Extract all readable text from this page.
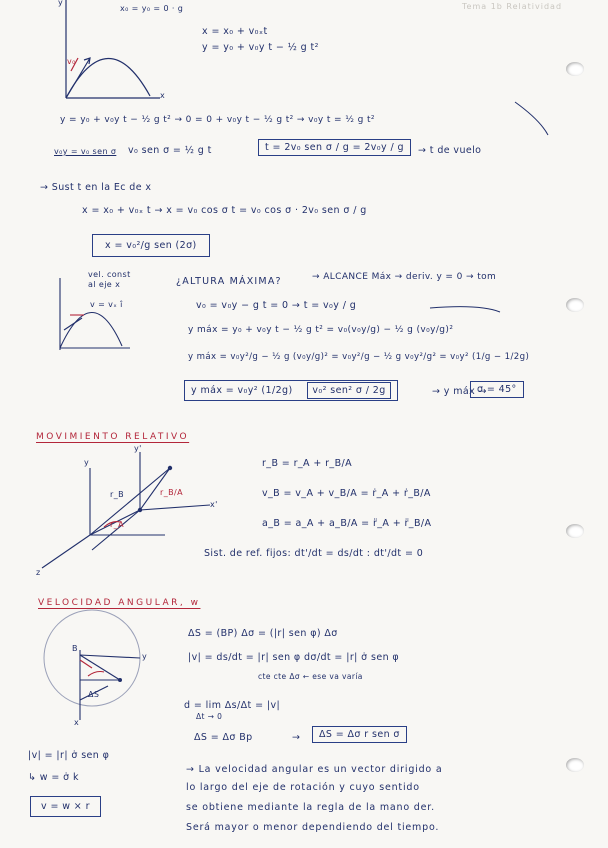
Tema 1b Relatividad
x₀ = y₀ = 0 · g
x = x₀ + v₀ₓt
y = y₀ + v₀y t − ½ g t²
y
x
v₀
y = y₀ + v₀y t − ½ g t² → 0 = 0 + v₀y t − ½ g t² → v₀y t = ½ g t²
v₀y = v₀ sen σ v₀ sen σ = ½ g t	t = 2v₀ sen σ / g = 2v₀y / g	→ t de vuelo
→ Sust t en la Ec de x
x = x₀ + v₀ₓ t → x = v₀ cos σ t = v₀ cos σ · 2v₀ sen σ / g
x = v₀²/g sen (2σ)
vel. const
al eje x
v = vₓ î
¿ALTURA MÁXIMA?	→ ALCANCE Máx → deriv. y = 0 → tom
v₀ = v₀y − g t = 0 → t = v₀y / g
y máx = y₀ + v₀y t − ½ g t² = v₀(v₀y/g) − ½ g (v₀y/g)²
y máx = v₀y²/g − ½ g (v₀y/g)² = v₀y²/g − ½ g v₀y²/g² = v₀y² (1/g − 1/2g)
y máx = v₀y² (1/2g) v₀² sen² σ / 2g	→ y máx →
σ = 45°
MOVIMIENTO RELATIVO
y
y'
x'
z
r_B	r_B/A
r_A
r_B = r_A + r_B/A
v_B = v_A + v_B/A = ṙ_A + ṙ_B/A
a_B = a_A + a_B/A = r̈_A + r̈_B/A
Sist. de ref. fijos: dt'/dt = ds/dt : dt'/dt = 0
VELOCIDAD ANGULAR, w
B
y
x
ΔS
ΔS = (BP) Δσ = (|r| sen φ) Δσ
|v| = ds/dt = |r| sen φ dσ/dt = |r| σ̇ sen φ
cte cte Δσ ← ese va varía
d = lim Δs/Δt = |v|
Δt → 0
ΔS = Δσ Bp	→	ΔS = Δσ r sen σ
|v| = |r| σ̇ sen φ
↳ w = σ̇ k
v = w × r
→ La velocidad angular es un vector dirigido a
lo largo del eje de rotación y cuyo sentido
se obtiene mediante la regla de la mano der.
Será mayor o menor dependiendo del tiempo.
